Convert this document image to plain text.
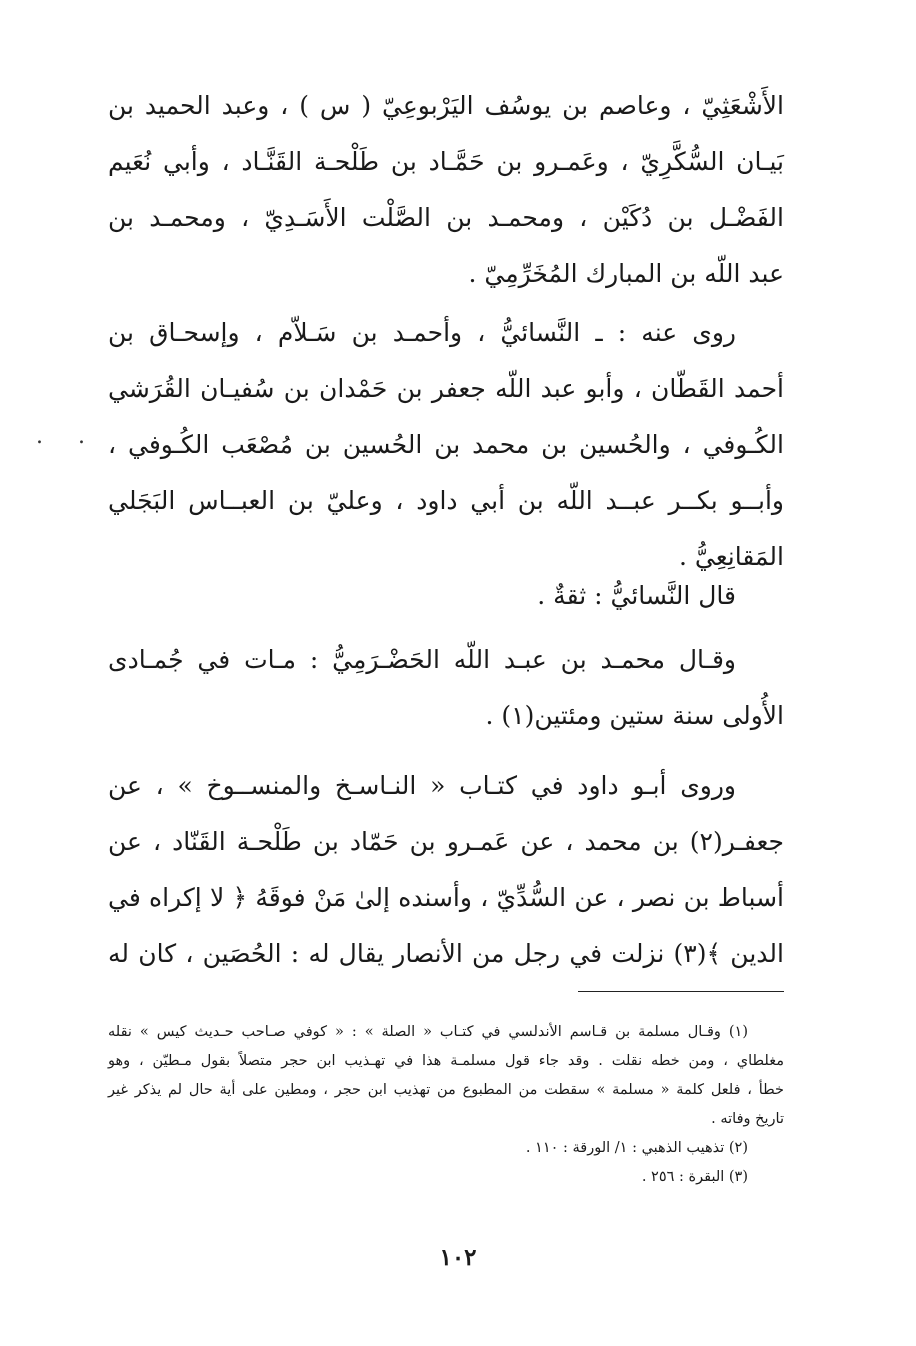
الأَشْعَثِيّ ، وعاصم بن يوسُف اليَرْبوعِيّ ( س ) ، وعبد الحميد بن
بَيـان السُّكَّرِيّ ، وعَمـرو بن حَمَّـاد بن طَلْحـة القَنَّـاد ، وأبي نُعَيم
الفَضْـل بن دُكَيْن ، ومحمـد بن الصَّلْت الأَسَـدِيّ ، ومحمـد بن
عبد اللّه بن المبارك المُخَرِّمِيّ .
روى عنه : ـ النَّسائيُّ ، وأحمـد بن سَـلاّم ، وإسحـاق بن
أحمد القَطّان ، وأبو عبد اللّه جعفر بن حَمْدان بن سُفيـان القُرَشي
الكُـوفي ، والحُسين بن محمد بن الحُسين بن مُصْعَب الكُـوفي ،
وأبــو بكــر عبــد اللّه بن أبي داود ، وعليّ بن العبــاس البَجَلي
المَقانِعِيُّ .
قال النَّسائيُّ : ثقةٌ .
وقـال محمـد بن عبـد اللّه الحَضْـرَمِيُّ : مـات في جُمـادى
الأُولى سنة ستين ومئتين(١) .
وروى أبـو داود في كتـاب « النـاسـخ والمنســوخ » ، عن
جعفـر(٢) بن محمد ، عن عَمـرو بن حَمّاد بن طَلْحـة القَنّاد ، عن
أسباط بن نصر ، عن السُّدِّيّ ، وأسنده إلىٰ مَنْ فوقَهُ ﴿ لا إكراه في
الدين ﴾(٣) نزلت في رجل من الأنصار يقال له : الحُصَين ، كان له
(١) وقـال مسلمة بن قـاسم الأندلسي في كتـاب « الصلة » : « كوفي صـاحب حـديث كيس » نقله
مغلطاي ، ومن خطه نقلت . وقد جاء قول مسلمـة هذا في تهـذيب ابن حجر متصلاً بقول مـطيّن ، وهو
خطأ ، فلعل كلمة « مسلمة » سقطت من المطبوع من تهذيب ابن حجر ، ومطين على أية حال لم يذكر غير
تاريخ وفاته .
(٢) تذهيب الذهبي : ١/ الورقة : ١١٠ .
(٣) البقرة : ٢٥٦ .
١٠٢
. .
